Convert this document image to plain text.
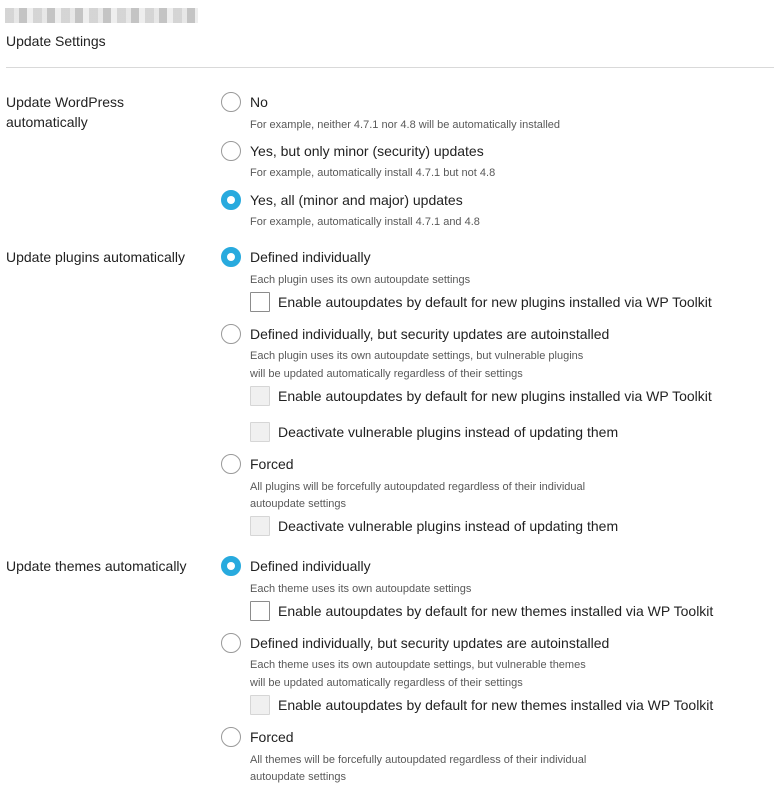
Update Settings
Update WordPress automatically
No
For example, neither 4.7.1 nor 4.8 will be automatically installed
Yes, but only minor (security) updates
For example, automatically install 4.7.1 but not 4.8
Yes, all (minor and major) updates
For example, automatically install 4.7.1 and 4.8
Update plugins automatically	Defined individually
Each plugin uses its own autoupdate settings
Enable autoupdates by default for new plugins installed via WP Toolkit
Defined individually, but security updates are autoinstalled
Each plugin uses its own autoupdate settings, but vulnerable plugins
will be updated automatically regardless of their settings
Enable autoupdates by default for new plugins installed via WP Toolkit
Deactivate vulnerable plugins instead of updating them
Forced
All plugins will be forcefully autoupdated regardless of their individual
autoupdate settings
Deactivate vulnerable plugins instead of updating them
Update themes automatically	Defined individually
Each theme uses its own autoupdate settings
Enable autoupdates by default for new themes installed via WP Toolkit
Defined individually, but security updates are autoinstalled
Each theme uses its own autoupdate settings, but vulnerable themes
will be updated automatically regardless of their settings
Enable autoupdates by default for new themes installed via WP Toolkit
Forced
All themes will be forcefully autoupdated regardless of their individual
autoupdate settings
